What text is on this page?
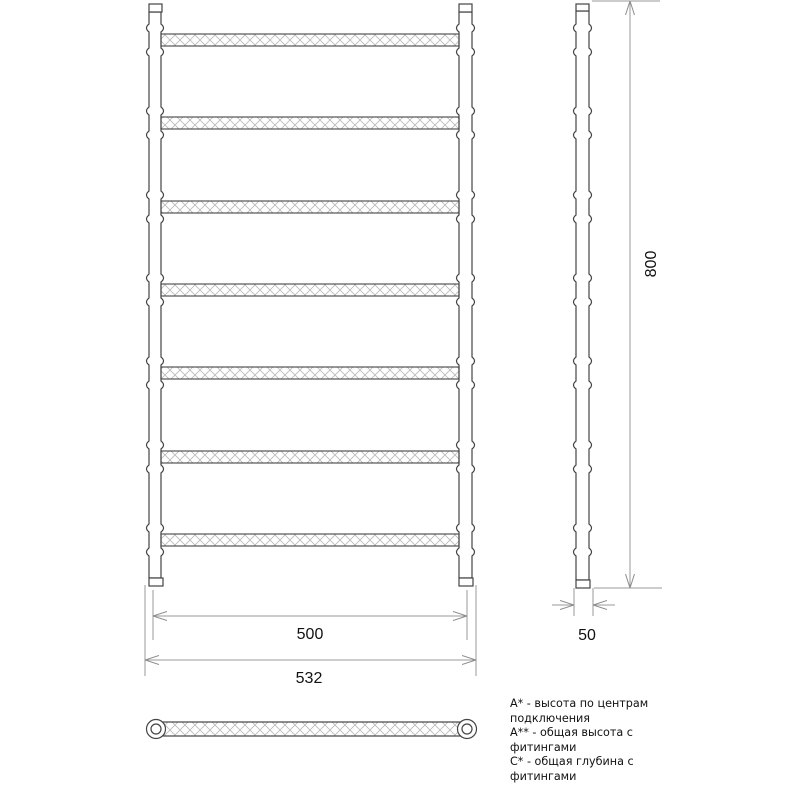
500
532
800
50
A* - высота по центрам
подключения
A** - общая высота с
фитингами
C* - общая глубина с
фитингами
